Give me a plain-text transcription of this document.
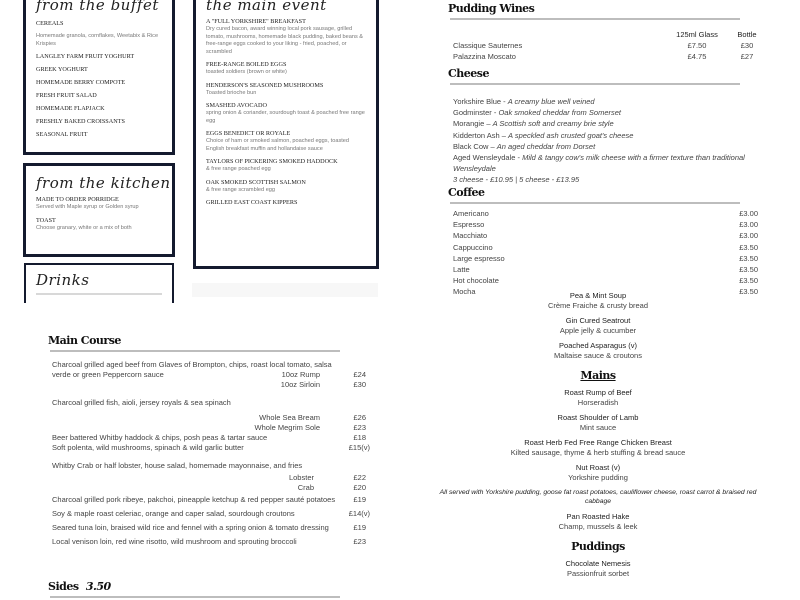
from the buffet
CEREALS
Homemade granola, cornflakes, Weetabix & Rice Krispies
LANGLEY FARM FRUIT YOGHURT
GREEK YOGHURT
HOMEMADE BERRY COMPOTE
FRESH FRUIT SALAD
HOMEMADE FLAPJACK
FRESHLY BAKED CROISSANTS
SEASONAL FRUIT
from the kitchen
MADE TO ORDER PORRIDGE
Served with Maple syrup or Golden syrup
TOAST
Choose granary, white or a mix of both
Drinks
the main event
A "FULL YORKSHIRE" BREAKFAST
Dry cured bacon, award winning local pork sausage, grilled tomato, mushrooms, homemade black pudding, baked beans & free-range eggs cooked to your liking - fried, poached, or scrambled
FREE-RANGE BOILED EGGS
toasted soldiers (brown or white)
HENDERSON'S SEASONED MUSHROOMS
Toasted brioche bun
SMASHED AVOCADO
spring onion & coriander, sourdough toast & poached free range egg
EGGS BENEDICT OR ROYALE
Choice of ham or smoked salmon, poached eggs, toasted English breakfast muffin and hollandaise sauce
TAYLORS OF PICKERING SMOKED HADDOCK
& free range poached egg
OAK SMOKED SCOTTISH SALMON
& free range scrambled egg
GRILLED EAST COAST KIPPERS
Pudding Wines
125ml Glass	Bottle
Classique Sauternes	£7.50	£30
Palazzina Moscato	£4.75	£27
Cheese
Yorkshire Blue - A creamy blue well veined
Godminster - Oak smoked cheddar from Somerset
Morangie – A Scottish soft and creamy brie style
Kidderton Ash – A speckled ash crusted goat's cheese
Black Cow – An aged cheddar from Dorset
Aged Wensleydale - Mild & tangy cow's milk cheese with a firmer texture than traditional
Wensleydale
3 cheese - £10.95 | 5 cheese - £13.95
Coffee
Americano	£3.00
Espresso	£3.00
Macchiato	£3.00
Cappuccino	£3.50
Large espresso	£3.50
Latte	£3.50
Hot chocolate	£3.50
Mocha	£3.50
Pea & Mint Soup
Crème Fraiche & crusty bread
Gin Cured Seatrout
Apple jelly & cucumber
Poached Asparagus (v)
Maltaise sauce & croutons
Mains
Roast Rump of Beef
Horseradish
Roast Shoulder of Lamb
Mint sauce
Roast Herb Fed Free Range Chicken Breast
Kilted sausage, thyme & herb stuffing & bread sauce
Nut Roast (v)
Yorkshire pudding
All served with Yorkshire pudding, goose fat roast potatoes, cauliflower cheese, roast carrot & braised red cabbage
Pan Roasted Hake
Champ, mussels & leek
Puddings
Chocolate Nemesis
Passionfruit sorbet
Main Course
Charcoal grilled aged beef from Glaves of Brompton, chips, roast local tomato, salsa
verde or green Peppercorn sauce	10oz Rump	£24

10oz Sirloin	£30
Charcoal grilled fish, aioli, jersey royals & sea spinach

Whole Sea Bream	£26

Whole Megrim Sole	£23
Beer battered Whitby haddock & chips, posh peas & tartar sauce	£18
Soft polenta, wild mushrooms, spinach & wild garlic butter	£15(v)
Whitby Crab or half lobster, house salad, homemade mayonnaise, and fries

Lobster	£22

Crab	£20
Charcoal grilled pork ribeye, pakchoi, pineapple ketchup & red pepper sauté potatoes £19
Soy & maple roast celeriac, orange and caper salad, sourdough croutons	£14(v)
Seared tuna loin, braised wild rice and fennel with a spring onion & tomato dressing	£19
Local venison loin, red wine risotto, wild mushroom and sprouting broccoli	£23
Sides 3.50
